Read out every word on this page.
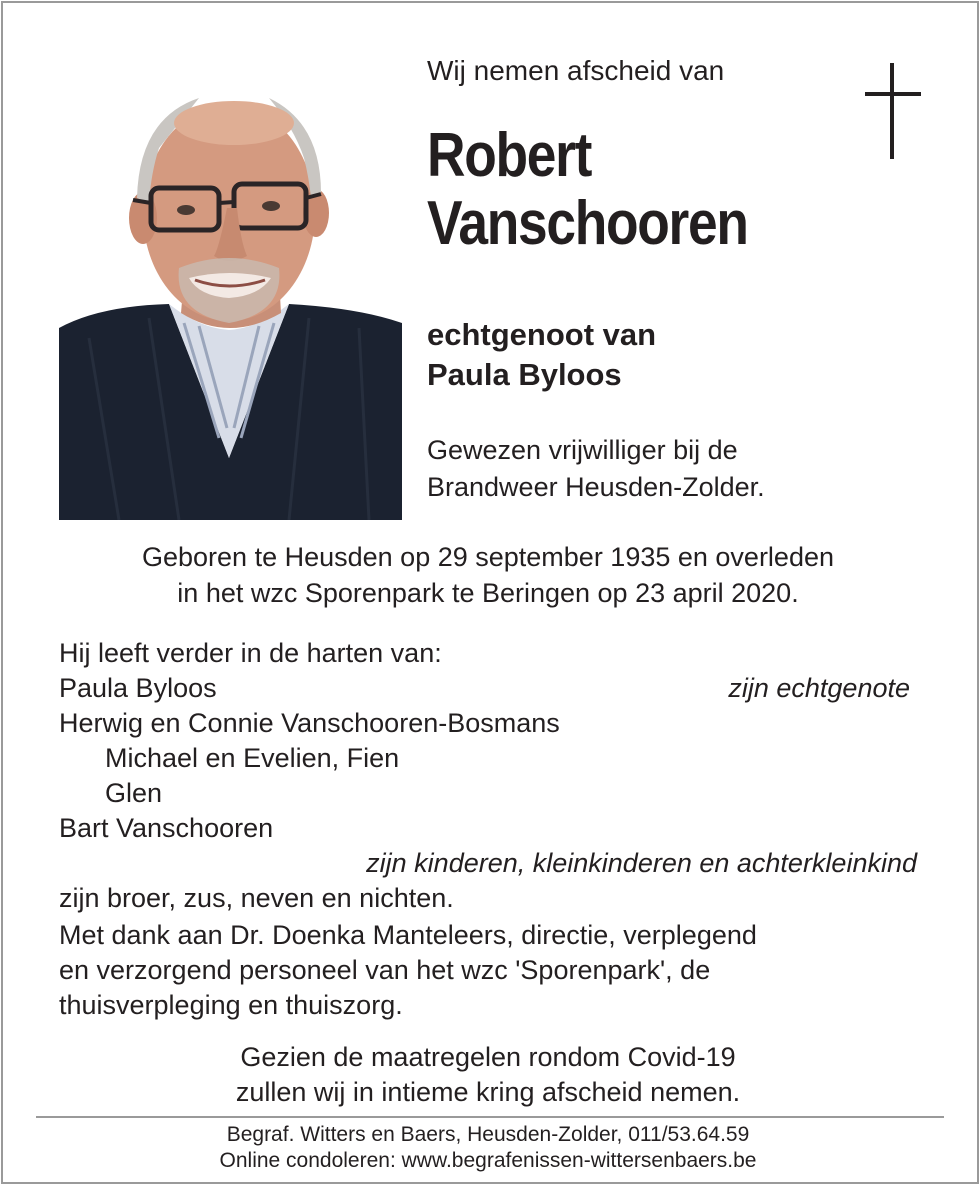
Wij nemen afscheid van
Robert
Vanschooren
echtgenoot van
Paula Byloos
Gewezen vrijwilliger bij de
Brandweer Heusden-Zolder.
Geboren te Heusden op 29 september 1935 en overleden
in het wzc Sporenpark te Beringen op 23 april 2020.
Hij leeft verder in de harten van:
Paula Byloos	zijn echtgenote
Herwig en Connie Vanschooren-Bosmans
Michael en Evelien, Fien
Glen
Bart Vanschooren
zijn kinderen, kleinkinderen en achterkleinkind
zijn broer, zus, neven en nichten.
Met dank aan Dr. Doenka Manteleers, directie, verplegend
en verzorgend personeel van het wzc 'Sporenpark', de
thuisverpleging en thuiszorg.
Gezien de maatregelen rondom Covid-19
zullen wij in intieme kring afscheid nemen.
Begraf. Witters en Baers, Heusden-Zolder, 011/53.64.59
Online condoleren: www.begrafenissen-wittersenbaers.be
